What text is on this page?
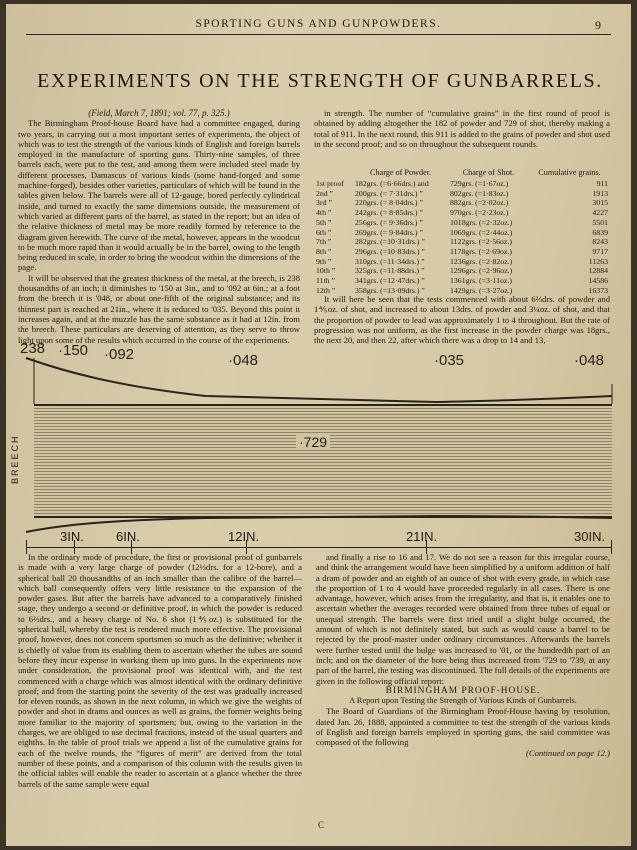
SPORTING GUNS AND GUNPOWDERS.	9
EXPERIMENTS ON THE STRENGTH OF GUNBARRELS.

(Field, March 7, 1891; vol. 77, p. 325.)

The Birmingham Proof-house Board have had a committee engaged, during two years, in carrying out a most important series of experiments, the object of which was to test the strength of the various kinds of English and foreign barrels employed in the manufacture of sporting guns. Thirty-nine samples, of three barrels each, were put to the test, and among them were included steel made by different processes, Damascus of various kinds (some hand-forged and some machine-forged), besides other varieties, particulars of which will be found in the tables given below. The barrels were all of 12-gauge, bored perfectly cylindrical inside, and turned to exactly the same dimensions outside, the measurement of which varied at different parts of the barrel, as stated in the report; but an idea of the relative thickness of metal may be more readily formed by reference to the diagram given herewith. The curve of the metal, however, appears in the woodcut to be much more rapid than it would actually be in the barrel, owing to the length being reduced in scale, in order to bring the woodcut within the dimensions of the page.

It will be observed that the greatest thickness of the metal, at the breech, is 238 thousandths of an inch; it diminishes to '150 at 3in., and to '092 at 6in.; at a foot from the breech it is '048, or about one-fifth of the original substance; and its thinnest part is reached at 21in., where it is reduced to '035. Beyond this point it increases again, and at the muzzle has the same substance as it had at 12in. from the breech. These particulars are deserving of attention, as they serve to throw light upon some of the results which occurred in the course of the experiments.

in strength. The number of “cumulative grains” in the first round of proof is obtained by adding altogether the 182 of powder and 729 of shot, thereby making a total of 911. In the next round, this 911 is added to the grains of powder and shot used in the second proof; and so on throughout the subsequent rounds.

	Charge of Powder.	Charge of Shot.	Cumulative grains.
1st proof	182grs. (=6·66drs.) and	729grs. (=1·67oz.)	911
2nd ”	200grs. (= 7·31drs.) ”	802grs. (=1·83oz.)	1913
3rd ”	220grs. (= 8·04drs.) ”	882grs. (=2·02oz.)	3015
4th ”	242grs. (= 8·85drs.) ”	970grs. (=2·23oz.)	4227
5th ”	256grs. (= 9·36drs.) ”	1018grs. (=2·32oz.)	5501
6th ”	269grs. (= 9·84drs.) ”	1069grs. (=2·44oz.)	6839
7th ”	282grs. (=10·31drs.) ”	1122grs. (=2·56oz.)	8243
8th ”	296grs. (=10·83drs.) ”	1178grs. (=2·69oz.)	9717
9th ”	310grs. (=11·34drs.) ”	1236grs. (=2·82oz.)	11263
10th ”	325grs. (=11·88drs.) ”	1296grs. (=2·96oz.)	12884
11th ”	341grs. (=12·47drs.) ”	1361grs. (=3·11oz.)	14586
12th ”	358grs. (=13·09drs.) ”	1429grs. (=3·27oz.)	16373

It will here be seen that the tests commenced with about 6⅔drs. of powder and 1⅘oz. of shot, and increased to about 13drs. of powder and 3¼oz. of shot, and that the proportion of powder to lead was approximately 1 to 4 throughout. But the rate of progression was not uniform, as the first increase in the powder charge was 18grs., the next 20, and then 22, after which there was a drop to 14 and 13,

238 ·150 ·092	·048	·035	·048
·729
BREECH
3IN. 6IN.	12IN.	21IN.	30IN.

In the ordinary mode of procedure, the first or provisional proof of gunbarrels is made with a very large charge of powder (12⅓drs. for a 12-bore), and a spherical ball 20 thousandths of an inch smaller than the calibre of the barrel—which ball consequently offers very little resistance to the expansion of the powder gases. But after the barrels have advanced to a comparatively finished stage, they undergo a second or definitive proof, in which the powder is reduced to 6⅔drs., and a heavy charge of No. 6 shot (1⅘oz.) is substituted for the spherical ball, whereby the test is rendered much more effective. The provisional proof, however, does not concern sportsmen so much as the definitive; whether it is chiefly of value from its enabling them to ascertain whether the tubes are sound before they incur expense in working them up into guns. In the experiments now under consideration, the provisional proof was identical with, and the test commenced with a charge which was almost identical with the ordinary definitive proof; and from the starting point the severity of the test was gradually increased for eleven rounds, as shown in the next column, in which we give the weights of powder and shot in drams and ounces as well as grains, the former weights being more familiar to the majority of sportsmen; but, owing to the variation in the charges, we are obliged to use decimal fractions, instead of the usual quarters and eighths. In the table of proof trials we append a list of the cumulative grains for each of the twelve rounds, the “figures of merit” are derived from the total number of these points, and a comparison of this column with the results given in the official tables will enable the reader to ascertain at a glance whether the three barrels of the same sample were equal

and finally a rise to 16 and 17. We do not see a reason for this irregular course, and think the arrangement would have been simplified by a uniform addition of half a dram of powder and an eighth of an ounce of shot with every grade, in which case the proportion of 1 to 4 would have proceeded regularly in all cases. There is one advantage, however, which arises from the irregularity, and that is, it enables one to ascertain whether the averages recorded were obtained from three tubes of equal or unequal strength. The barrels were first tried until a slight bulge occurred, the amount of which is not definitely stated, but such as would cause a barrel to be rejected by the proof-master under ordinary circumstances. Afterwards the barrels were further tested until the bulge was increased to '01, or the hundredth part of an inch; and on the diameter of the bore being thus increased from '729 to '739, at any part of the barrel, the testing was discontinued. The full details of the experiments are given in the following official report:

BIRMINGHAM PROOF-HOUSE.

A Report upon Testing the Strength of Various Kinds of Gunbarrels.

The Board of Guardians of the Birmingham Proof-House having by resolution, dated Jan. 26, 1888, appointed a committee to test the strength of the various kinds of English and foreign barrels employed in sporting guns, the said committee was composed of the following

(Continued on page 12.)

C
